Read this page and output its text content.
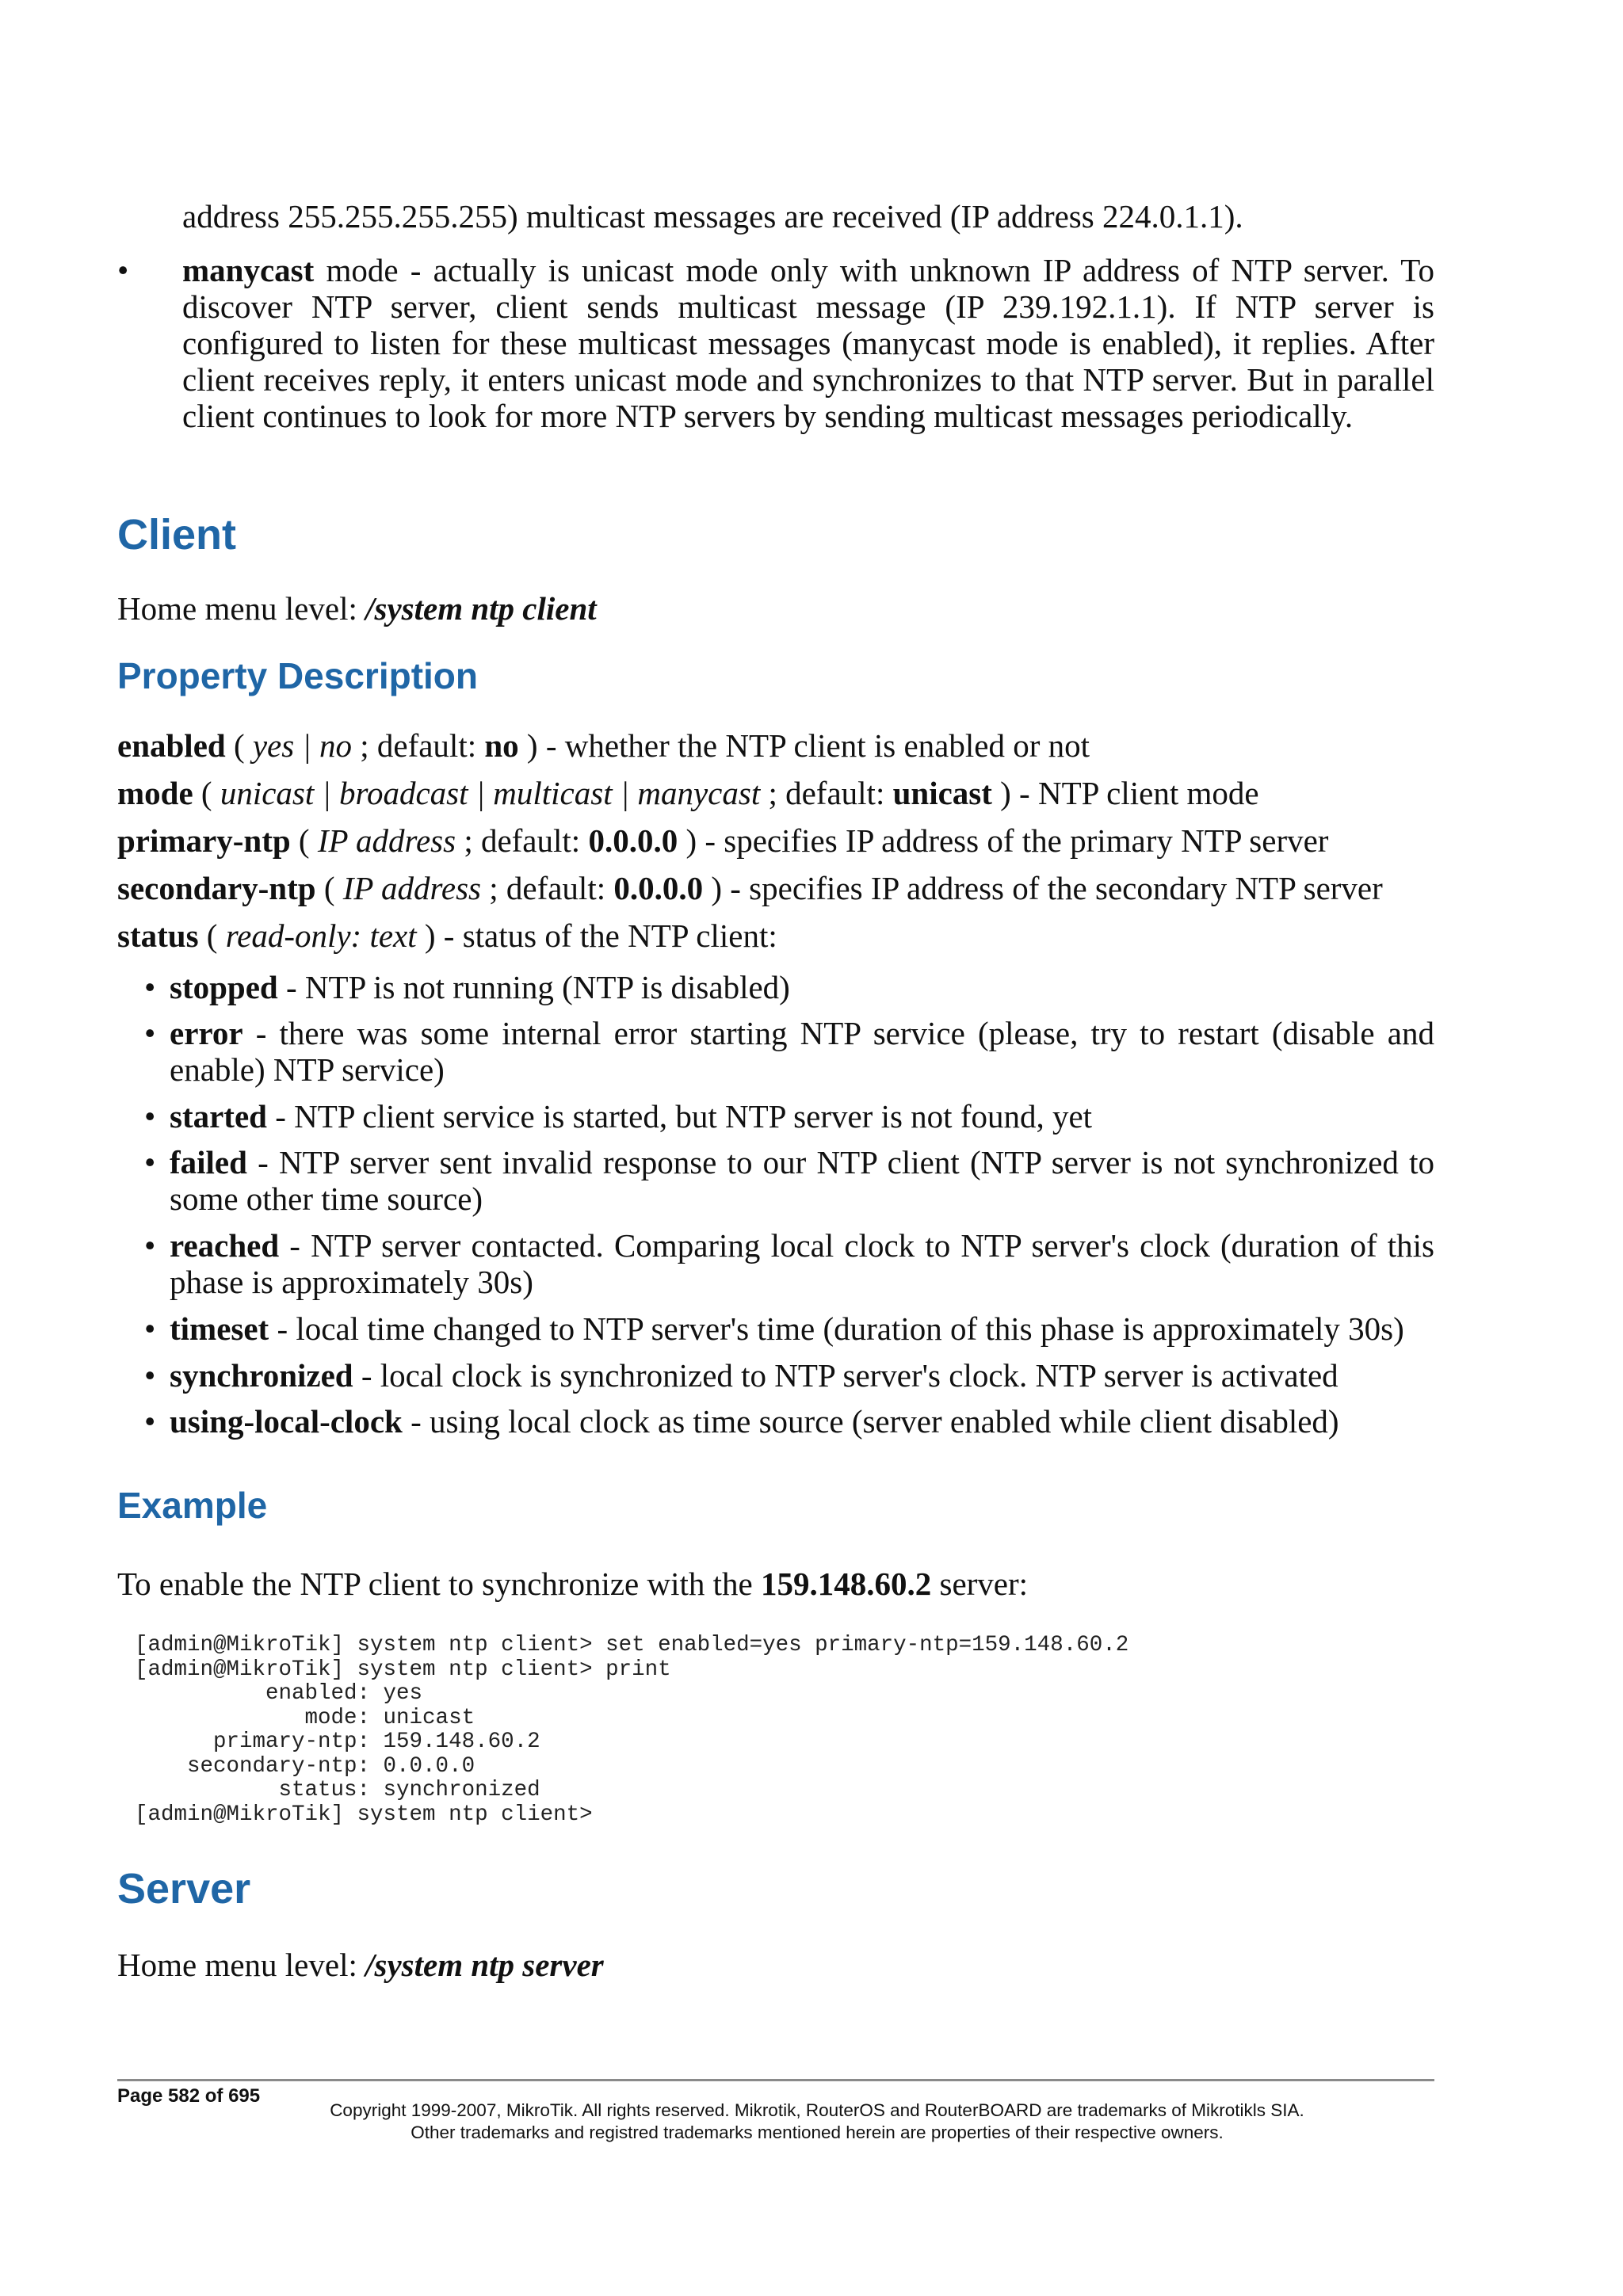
address 255.255.255.255) multicast messages are received (IP address 224.0.1.1).

•	manycast mode - actually is unicast mode only with unknown IP address of NTP server. To discover NTP server, client sends multicast message (IP 239.192.1.1). If NTP server is configured to listen for these multicast messages (manycast mode is enabled), it replies. After client receives reply, it enters unicast mode and synchronizes to that NTP server. But in parallel client continues to look for more NTP servers by sending multicast messages periodically.

Client

Home menu level: /system ntp client

Property Description

enabled ( yes | no ; default: no ) - whether the NTP client is enabled or not

mode ( unicast | broadcast | multicast | manycast ; default: unicast ) - NTP client mode

primary-ntp ( IP address ; default: 0.0.0.0 ) - specifies IP address of the primary NTP server

secondary-ntp ( IP address ; default: 0.0.0.0 ) - specifies IP address of the secondary NTP server

status ( read-only: text ) - status of the NTP client:

• stopped - NTP is not running (NTP is disabled)

• error - there was some internal error starting NTP service (please, try to restart (disable and enable) NTP service)

• started - NTP client service is started, but NTP server is not found, yet

• failed - NTP server sent invalid response to our NTP client (NTP server is not synchronized to some other time source)

• reached - NTP server contacted. Comparing local clock to NTP server's clock (duration of this phase is approximately 30s)

• timeset - local time changed to NTP server's time (duration of this phase is approximately 30s)

• synchronized - local clock is synchronized to NTP server's clock. NTP server is activated

• using-local-clock - using local clock as time source (server enabled while client disabled)

Example

To enable the NTP client to synchronize with the 159.148.60.2 server:

[admin@MikroTik] system ntp client> set enabled=yes primary-ntp=159.148.60.2
[admin@MikroTik] system ntp client> print
enabled: yes
mode: unicast
primary-ntp: 159.148.60.2
secondary-ntp: 0.0.0.0
status: synchronized
[admin@MikroTik] system ntp client>
Server

Home menu level: /system ntp server

Page 582 of 695
Copyright 1999-2007, MikroTik. All rights reserved. Mikrotik, RouterOS and RouterBOARD are trademarks of Mikrotikls SIA.
Other trademarks and registred trademarks mentioned herein are properties of their respective owners.
